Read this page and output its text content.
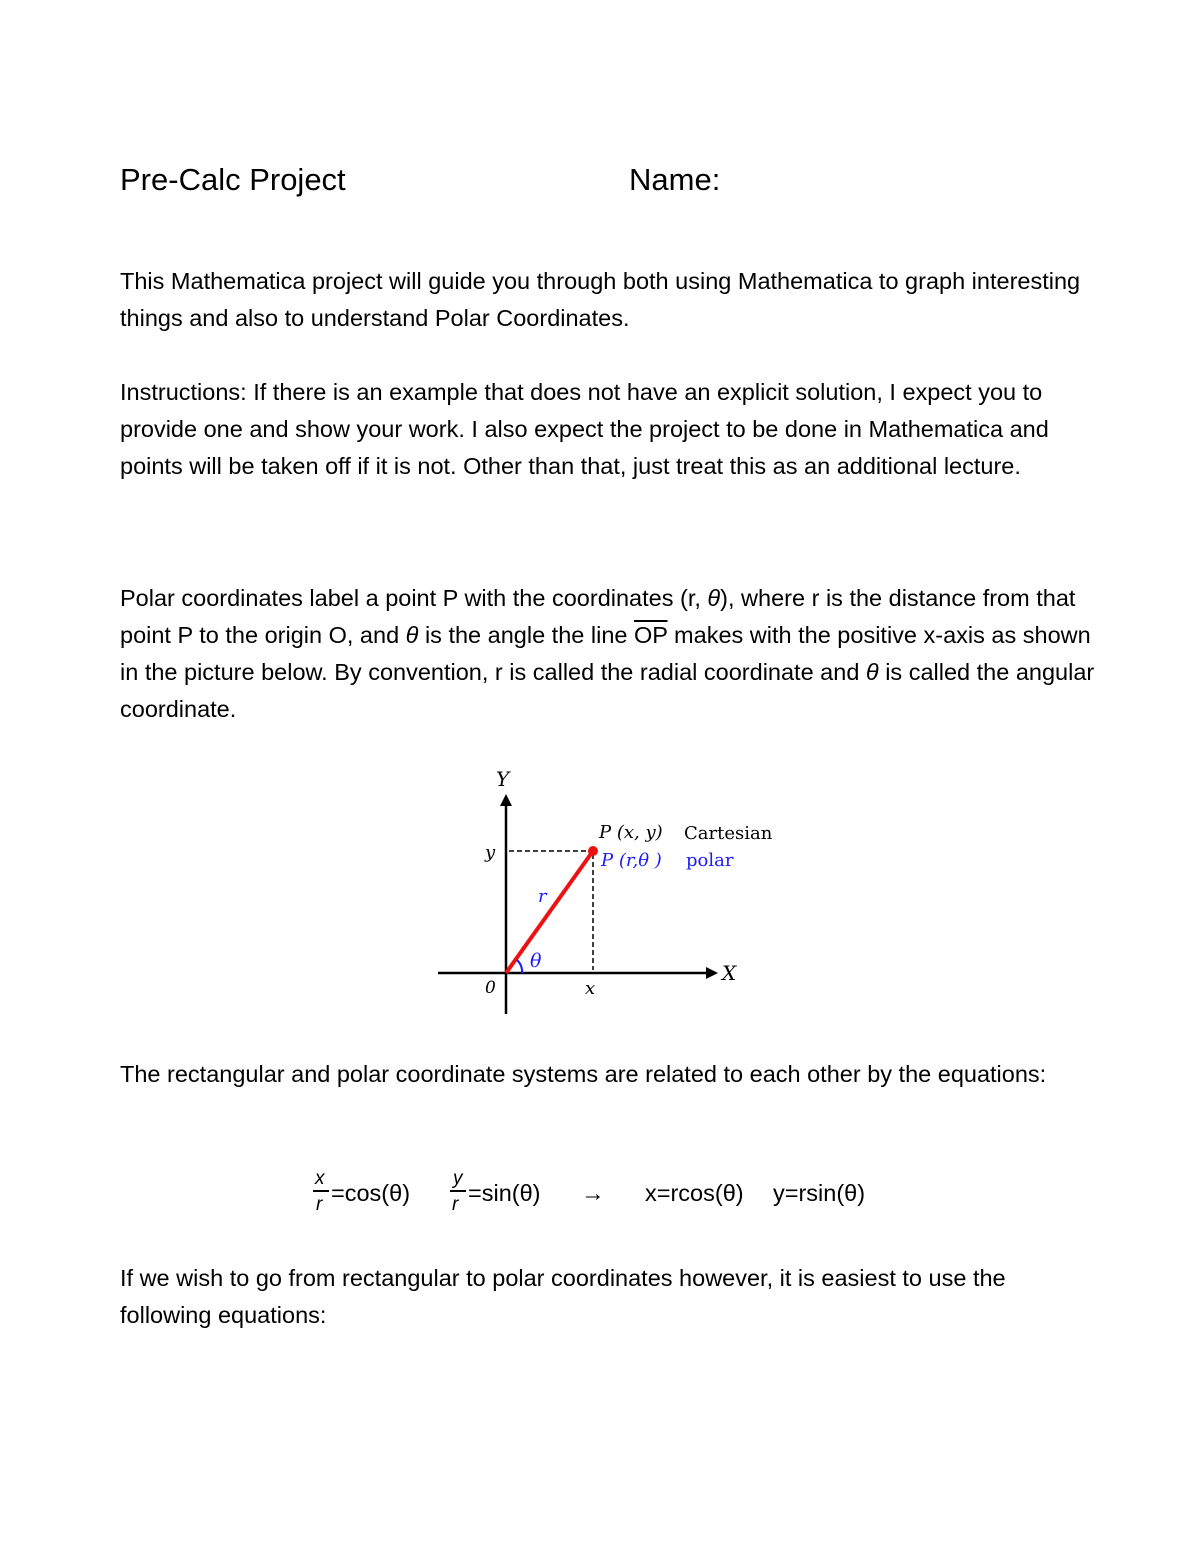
Pre-Calc Project	Name:

This Mathematica project will guide you through both using Mathematica to graph interesting things and also to understand Polar Coordinates.

Instructions: If there is an example that does not have an explicit solution, I expect you to provide one and show your work. I also expect the project to be done in Mathematica and points will be taken off if it is not. Other than that, just treat this as an additional lecture.

Polar coordinates label a point P with the coordinates (r, θ), where r is the distance from that point P to the origin O, and θ is the angle the line $\overline{OP}$ makes with the positive x-axis as shown in the picture below. By convention, r is called the radial coordinate and θ is called the angular coordinate.

Y
X
0
y
x
r
θ
P (x, y) Cartesian
P (r,θ ) polar

The rectangular and polar coordinate systems are related to each other by the equations:

x
r =cos(θ)
y
r =sin(θ) → x=rcos(θ) y=rsin(θ)

If we wish to go from rectangular to polar coordinates however, it is easiest to use the following equations:
